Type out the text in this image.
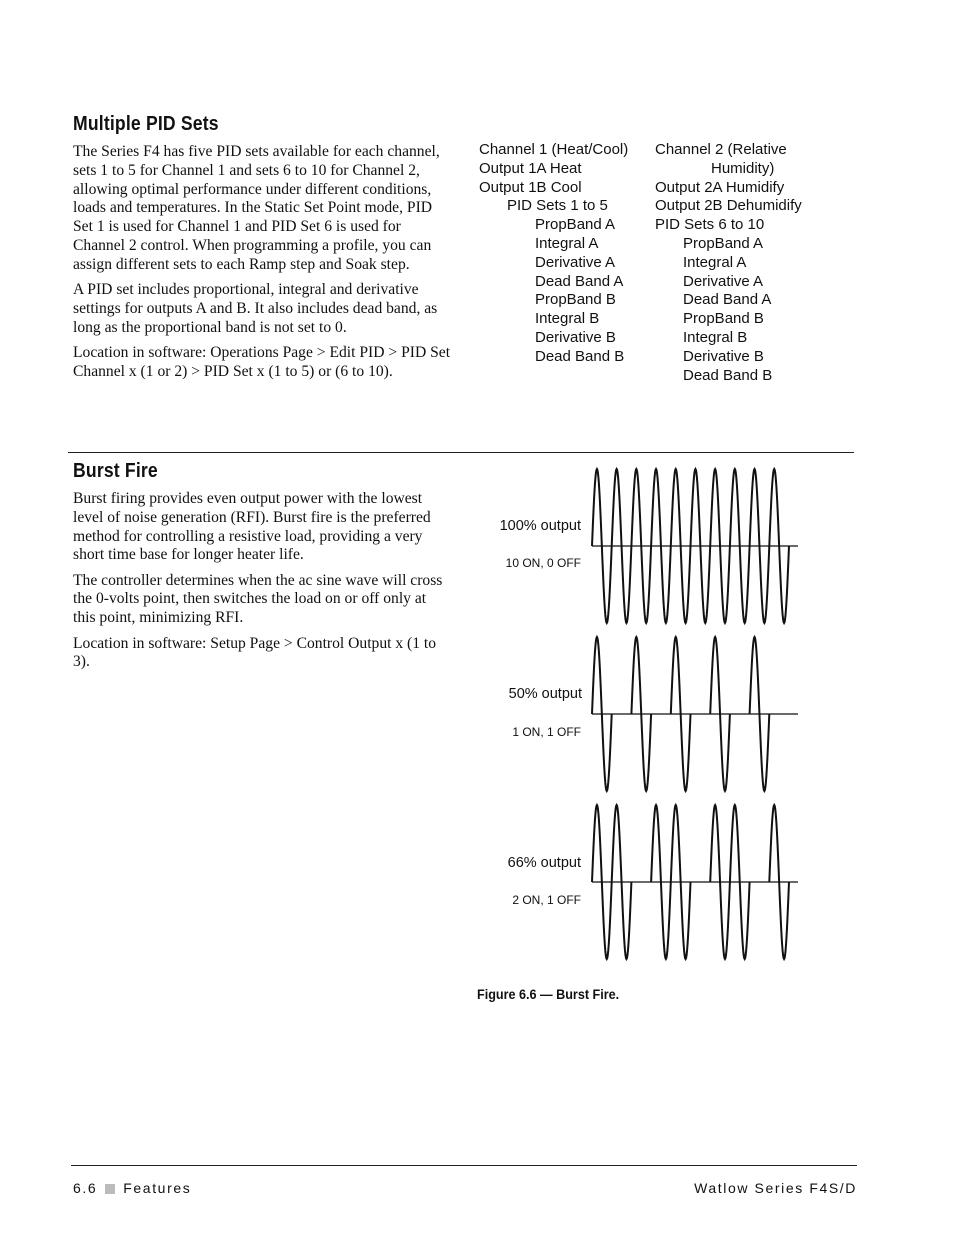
Multiple PID Sets

The Series F4 has five PID sets available for each channel, sets 1 to 5 for Channel 1 and sets 6 to 10 for Channel 2, allowing optimal performance under different conditions, loads and temperatures. In the Static Set Point mode, PID Set 1 is used for Channel 1 and PID Set 6 is used for Channel 2 control. When programming a profile, you can assign different sets to each Ramp step and Soak step.

A PID set includes proportional, integral and derivative settings for outputs A and B. It also includes dead band, as long as the proportional band is not set to 0.

Location in software: Operations Page > Edit PID > PID Set Channel x (1 or 2) > PID Set x (1 to 5) or (6 to 10).

Channel 1 (Heat/Cool)
Output 1A Heat
Output 1B Cool
PID Sets 1 to 5
PropBand A
Integral A
Derivative A
Dead Band A
PropBand B
Integral B
Derivative B
Dead Band B
Channel 2 (Relative
Humidity)
Output 2A Humidify
Output 2B Dehumidify
PID Sets 6 to 10
PropBand A
Integral A
Derivative A
Dead Band A
PropBand B
Integral B
Derivative B
Dead Band B
Burst Fire

Burst firing provides even output power with the lowest level of noise generation (RFI). Burst fire is the preferred method for controlling a resistive load, providing a very short time base for longer heater life.

The controller determines when the ac sine wave will cross the 0-volts point, then switches the load on or off only at this point, minimizing RFI.

Location in software: Setup Page > Control Output x (1 to 3).

100% output
10 ON, 0 OFF
50% output
1 ON, 1 OFF
66% output
2 ON, 1 OFF
Figure 6.6 — Burst Fire.
6.6 Features	Watlow Series F4S/D
